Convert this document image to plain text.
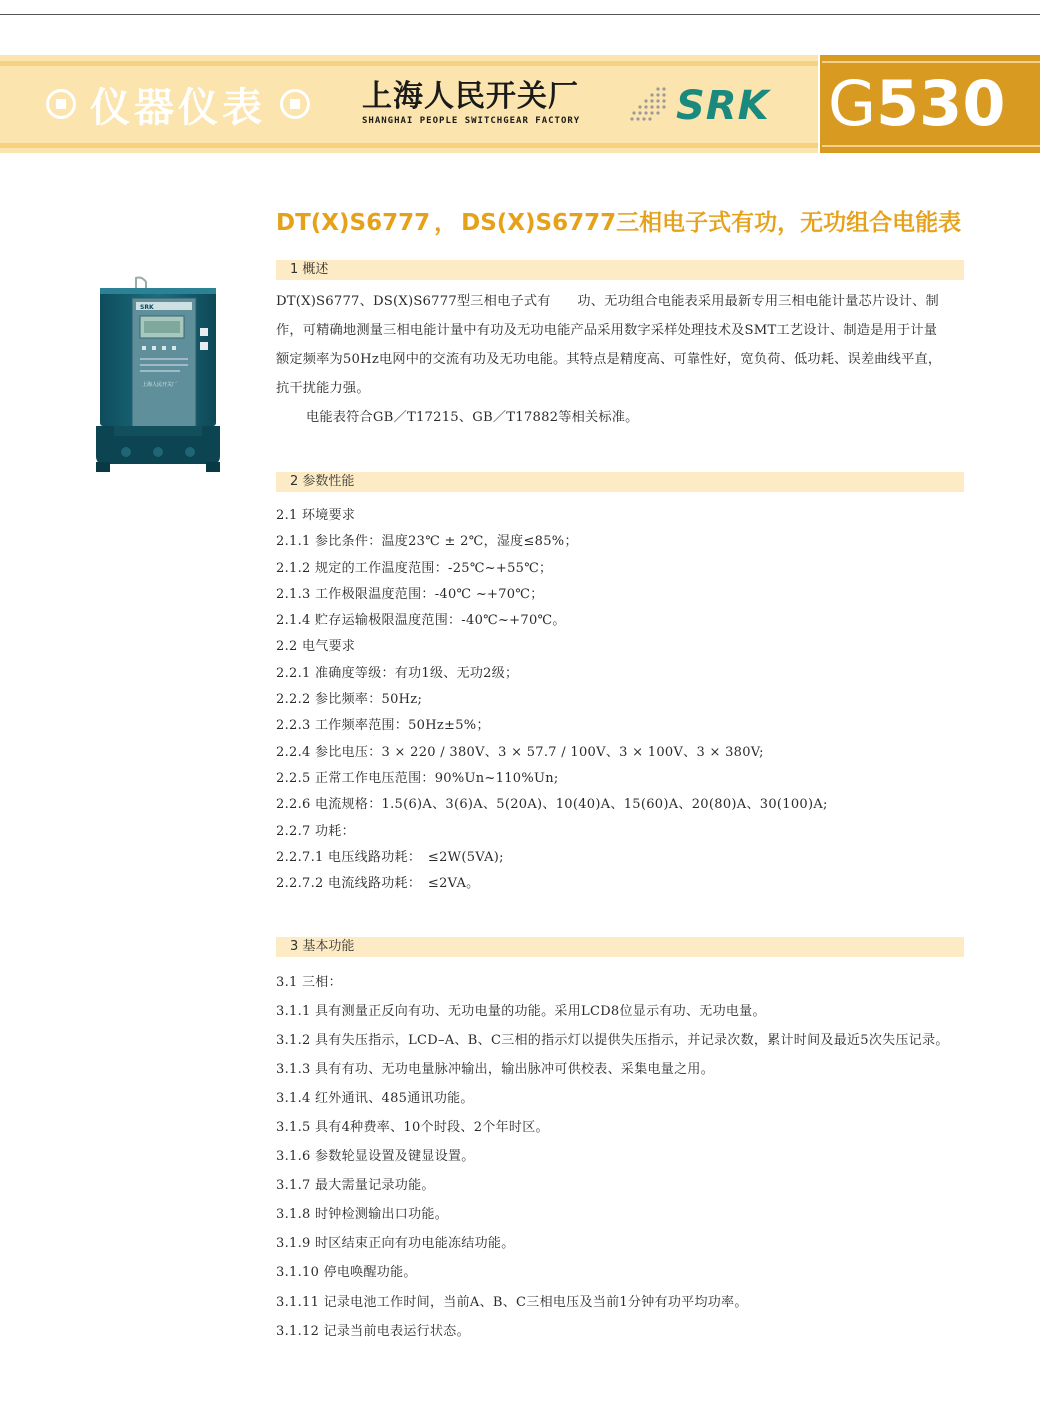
仪器仪表	上海人民开关厂
SHANGHAI PEOPLE SWITCHGEAR FACTORY SRK G530
DT(X)S6777 ， DS(X)S6777三相电子式有功，无功组合电能表
SRK
上海人民开关厂
1 概述

DT(X)S6777、DS(X)S6777型三相电子式有　　功、无功组合电能表采用最新专用三相电能计量芯片设计、制

作，可精确地测量三相电能计量中有功及无功电能产品采用数字采样处理技术及SMT工艺设计、制造是用于计量

额定频率为50Hz电网中的交流有功及无功电能。其特点是精度高、可靠性好，宽负荷、低功耗、误差曲线平直，

抗干扰能力强。

电能表符合GB／T17215、GB／T17882等相关标准。

2 参数性能
2.1 环境要求
2.1.1 参比条件：温度23℃ ± 2℃，湿度≤85%；
2.1.2 规定的工作温度范围：-25℃~+55℃；
2.1.3 工作极限温度范围：-40℃ ~+70℃；
2.1.4 贮存运输极限温度范围：-40℃~+70℃。
2.2 电气要求
2.2.1 准确度等级：有功1级、无功2级；
2.2.2 参比频率：50Hz;
2.2.3 工作频率范围：50Hz±5%；
2.2.4 参比电压：3 × 220 / 380V、3 × 57.7 / 100V、3 × 100V、3 × 380V;
2.2.5 正常工作电压范围：90%Un~110%Un;
2.2.6 电流规格：1.5(6)A、3(6)A、5(20A)、10(40)A、15(60)A、20(80)A、30(100)A;
2.2.7 功耗：
2.2.7.1 电压线路功耗：　≤2W(5VA);
2.2.7.2 电流线路功耗：　≤2VA。
3 基本功能
3.1 三相：
3.1.1 具有测量正反向有功、无功电量的功能。采用LCD8位显示有功、无功电量。
3.1.2 具有失压指示，LCD–A、B、C三相的指示灯以提供失压指示，并记录次数，累计时间及最近5次失压记录。
3.1.3 具有有功、无功电量脉冲输出，输出脉冲可供校表、采集电量之用。
3.1.4 红外通讯、485通讯功能。
3.1.5 具有4种费率、10个时段、2个年时区。
3.1.6 参数轮显设置及键显设置。
3.1.7 最大需量记录功能。
3.1.8 时钟检测输出口功能。
3.1.9 时区结束正向有功电能冻结功能。
3.1.10 停电唤醒功能。
3.1.11 记录电池工作时间，当前A、B、C三相电压及当前1分钟有功平均功率。
3.1.12 记录当前电表运行状态。
